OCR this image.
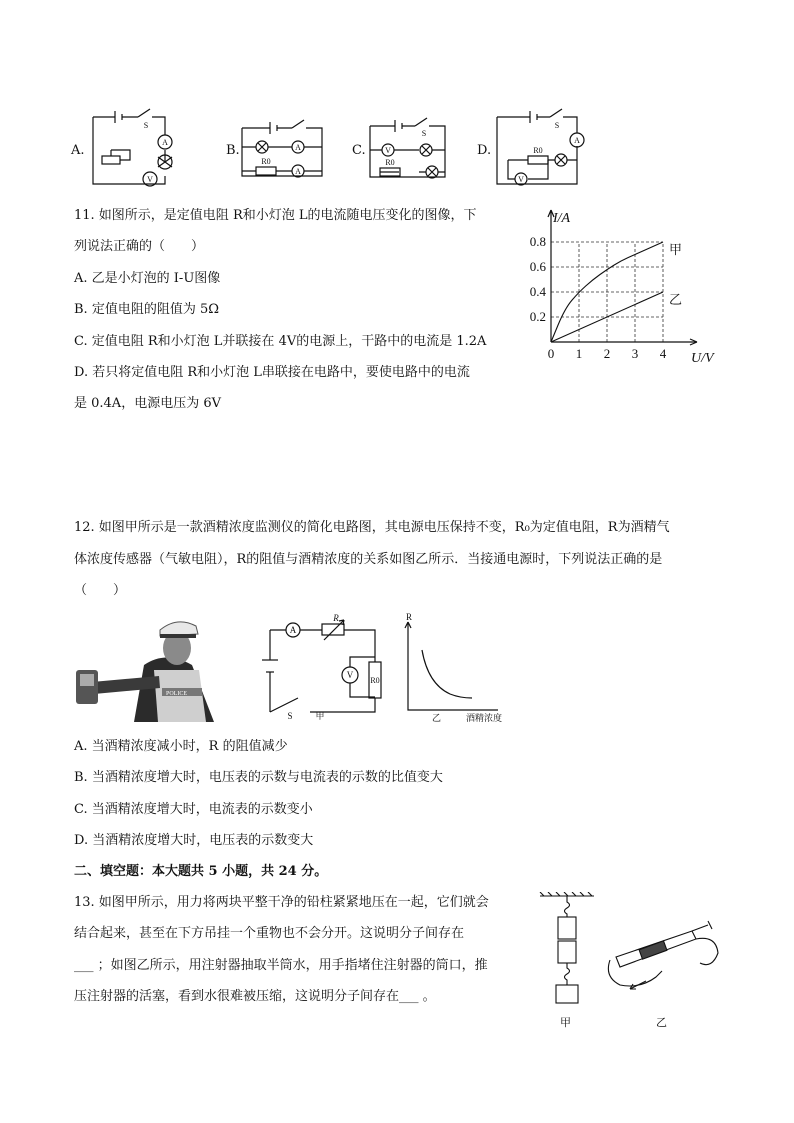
A.	B.	C.	D.
S
A
V
A
R0
A
S
V
R0
S
A
R0
V
11. 如图所示，是定值电阻 R和小灯泡 L的电流随电压变化的图像，下
列说法正确的（　　）
A. 乙是小灯泡的 I-U图像
B. 定值电阻的阻值为 5Ω
C. 定值电阻 R和小灯泡 L并联接在 4V的电源上，干路中的电流是 1.2A
D. 若只将定值电阻 R和小灯泡 L串联接在电路中，要使电路中的电流
是 0.4A，电源电压为 6V
1 2 3 4
0.2
0.4
0.6
0.8
0
I/A
U/V
甲
乙
12. 如图甲所示是一款酒精浓度监测仪的简化电路图，其电源电压保持不变，R₀为定值电阻，R为酒精气
体浓度传感器（气敏电阻），R的阻值与酒精浓度的关系如图乙所示．当接通电源时，下列说法正确的是
（　　）
POLICE
A
R
V
R0
S	甲
R
乙	酒精浓度
A. 当酒精浓度减小时，R 的阻值减少
B. 当酒精浓度增大时，电压表的示数与电流表的示数的比值变大
C. 当酒精浓度增大时，电流表的示数变小
D. 当酒精浓度增大时，电压表的示数变大
二、填空题：本大题共 5 小题，共 24 分。
13. 如图甲所示，用力将两块平整干净的铅柱紧紧地压在一起，它们就会
结合起来，甚至在下方吊挂一个重物也不会分开。这说明分子间存在
___ ；如图乙所示，用注射器抽取半筒水，用手指堵住注射器的筒口，推
压注射器的活塞，看到水很难被压缩，这说明分子间存在___ 。
甲	乙
